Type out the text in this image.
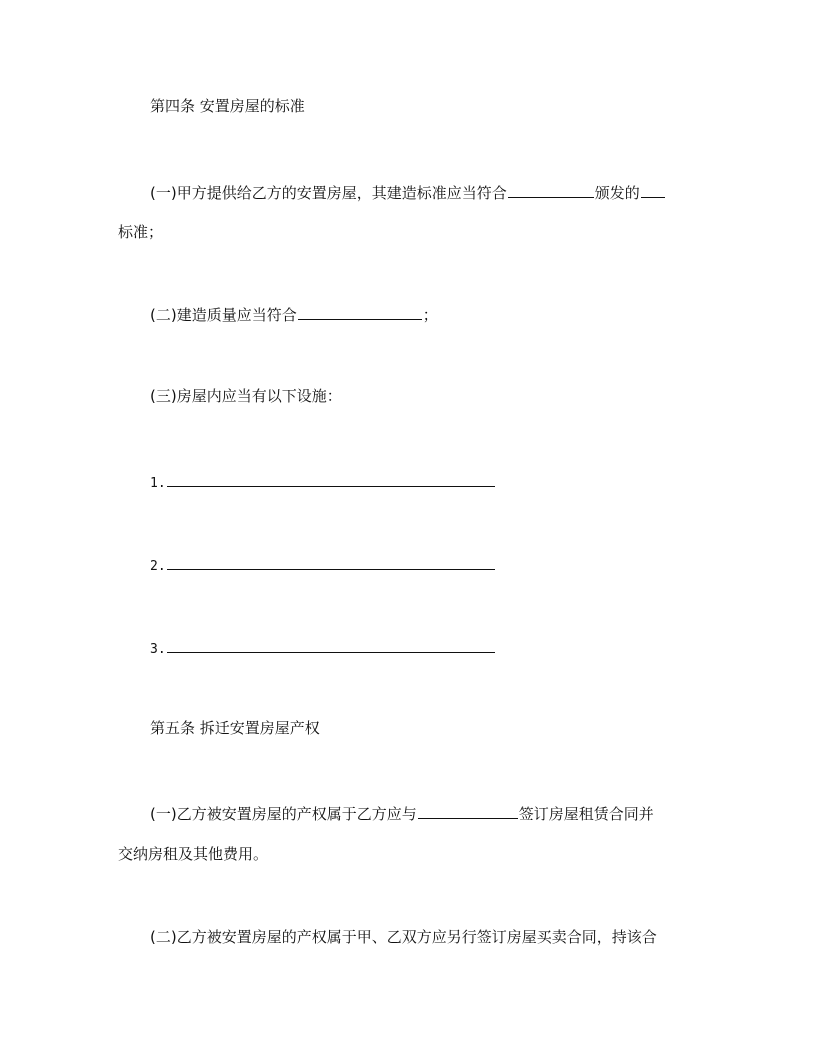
第四条 安置房屋的标准
(一)甲方提供给乙方的安置房屋，其建造标准应当符合	颁发的
标准；
(二)建造质量应当符合	；
(三)房屋内应当有以下设施：
1.
2.
3.
第五条 拆迁安置房屋产权
(一)乙方被安置房屋的产权属于乙方应与	签订房屋租赁合同并
交纳房租及其他费用。
(二)乙方被安置房屋的产权属于甲、乙双方应另行签订房屋买卖合同，持该合
